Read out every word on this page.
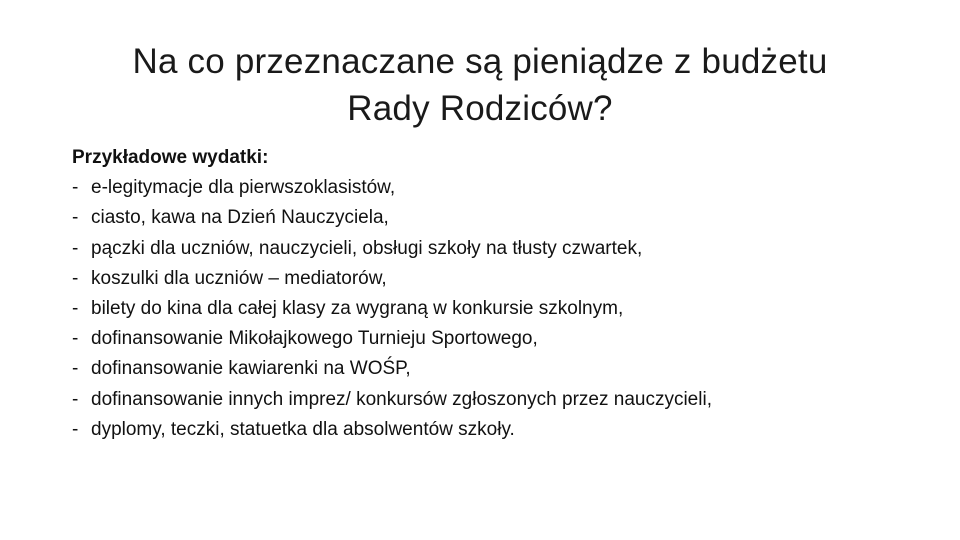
Na co przeznaczane są pieniądze z budżetu
Rady Rodziców?
Przykładowe wydatki:
- e-legitymacje dla pierwszoklasistów,
- ciasto, kawa na Dzień Nauczyciela,
- pączki dla uczniów, nauczycieli, obsługi szkoły na tłusty czwartek,
- koszulki dla uczniów – mediatorów,
- bilety do kina dla całej klasy za wygraną w konkursie szkolnym,
- dofinansowanie Mikołajkowego Turnieju Sportowego,
- dofinansowanie kawiarenki na WOŚP,
- dofinansowanie innych imprez/ konkursów zgłoszonych przez nauczycieli,
- dyplomy, teczki, statuetka dla absolwentów szkoły.
